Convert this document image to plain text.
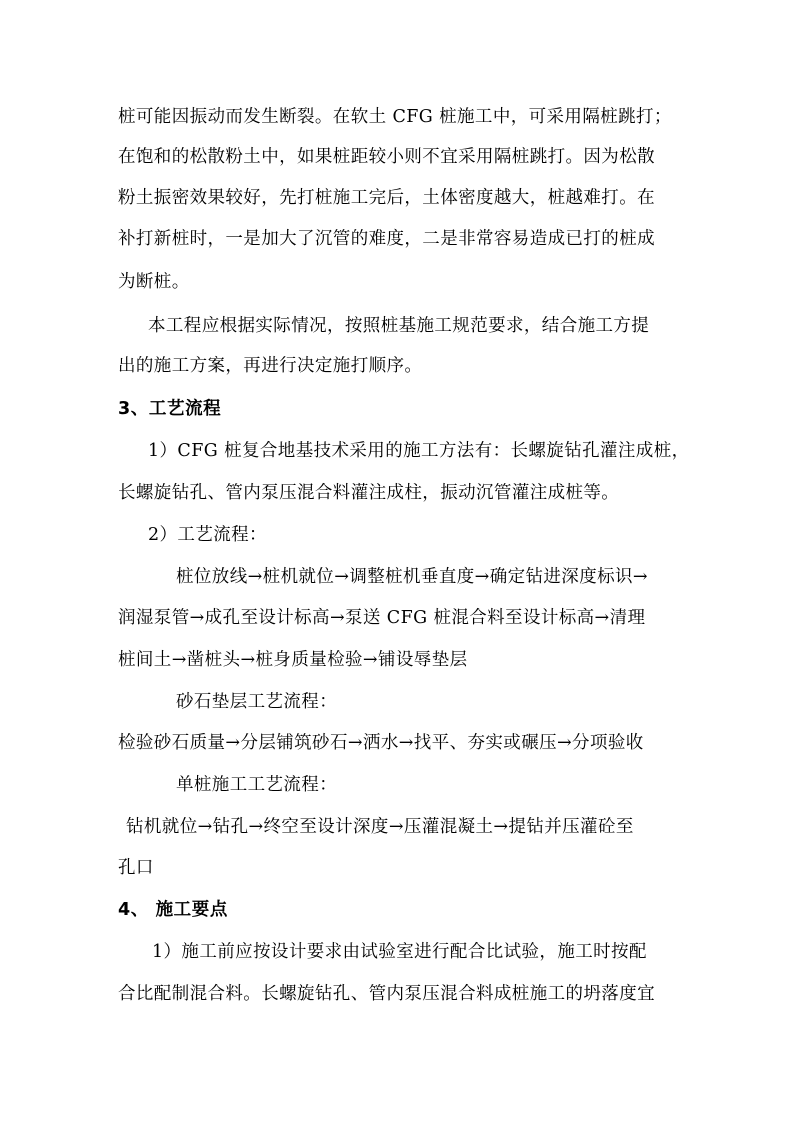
桩可能因振动而发生断裂。在软土 CFG 桩施工中，可采用隔桩跳打；
在饱和的松散粉土中，如果桩距较小则不宜采用隔桩跳打。因为松散
粉土振密效果较好，先打桩施工完后，土体密度越大，桩越难打。在
补打新桩时，一是加大了沉管的难度，二是非常容易造成已打的桩成
为断桩。
本工程应根据实际情况，按照桩基施工规范要求，结合施工方提
出的施工方案，再进行决定施打顺序。
3、工艺流程
1）CFG 桩复合地基技术采用的施工方法有：长螺旋钻孔灌注成桩，
长螺旋钻孔、管内泵压混合料灌注成柱，振动沉管灌注成桩等。
2）工艺流程：
桩位放线→桩机就位→调整桩机垂直度→确定钻进深度标识→
润湿泵管→成孔至设计标高→泵送 CFG 桩混合料至设计标高→清理
桩间土→凿桩头→桩身质量检验→铺设辱垫层
砂石垫层工艺流程：
检验砂石质量→分层铺筑砂石→洒水→找平、夯实或碾压→分项验收
单桩施工工艺流程：
钻机就位→钻孔→终空至设计深度→压灌混凝土→提钻并压灌砼至
孔口
4、 施工要点
1）施工前应按设计要求由试验室进行配合比试验，施工时按配
合比配制混合料。长螺旋钻孔、管内泵压混合料成桩施工的坍落度宜
